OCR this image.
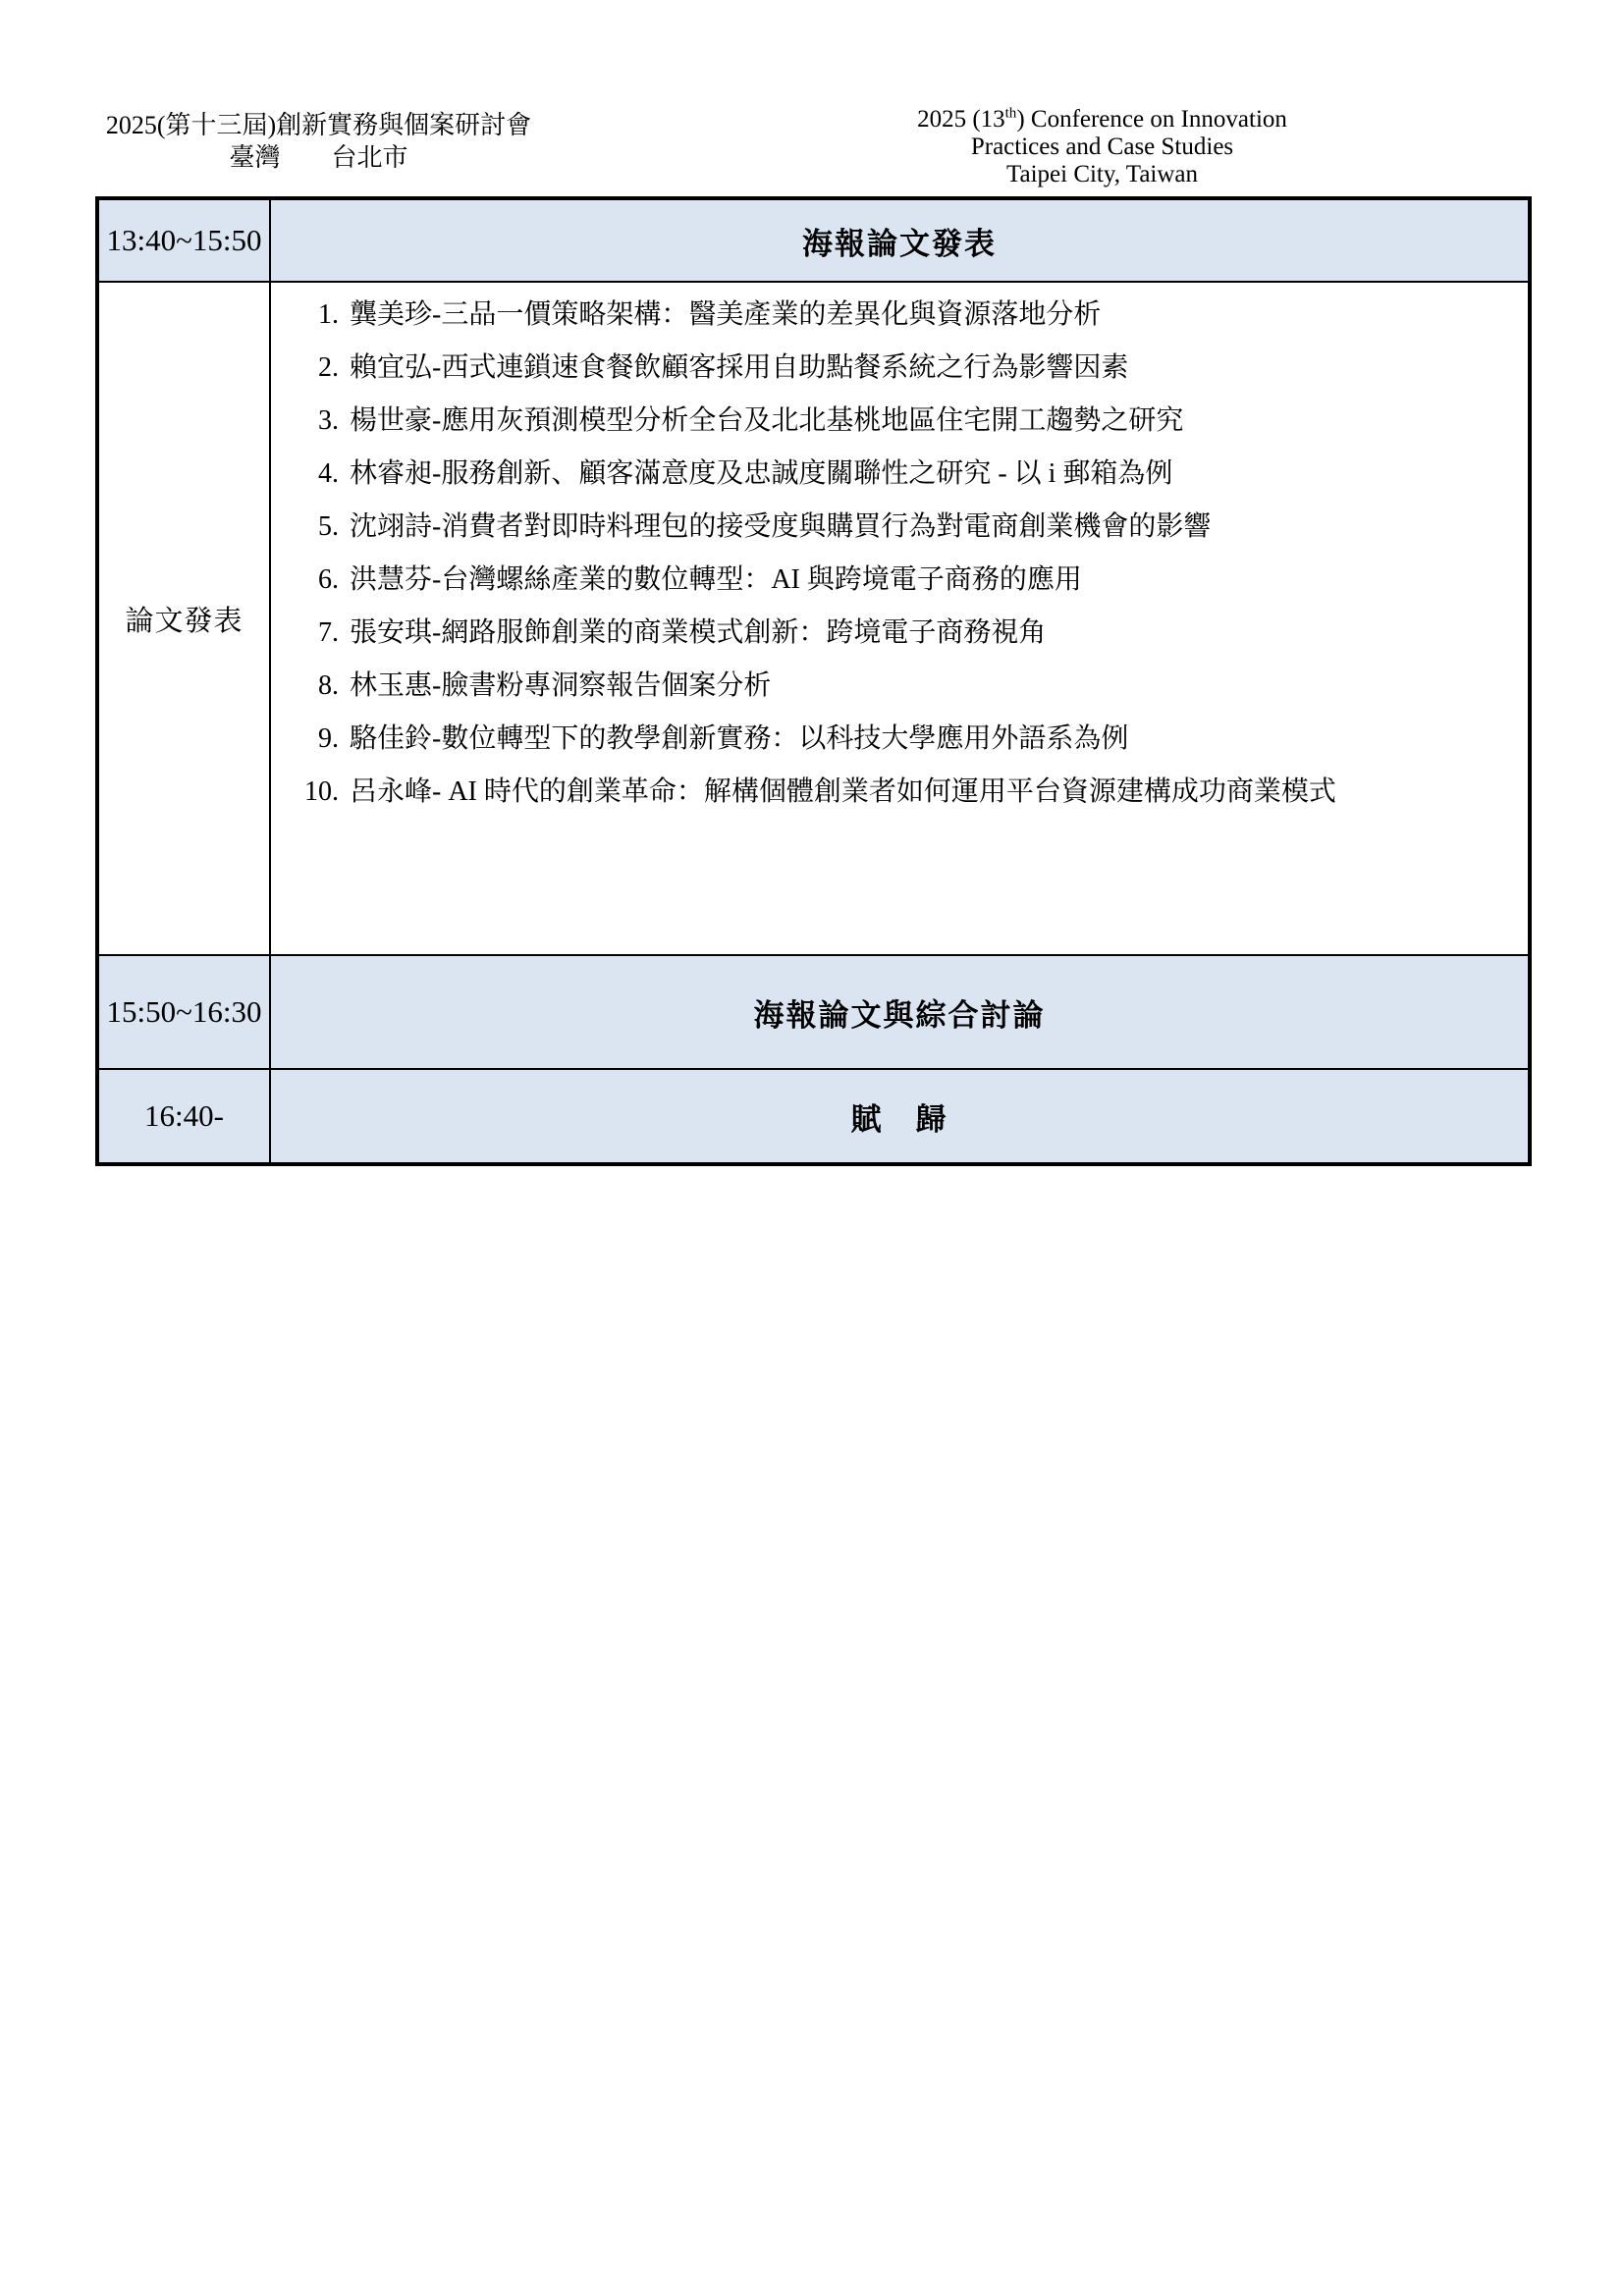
2025(第十三屆)創新實務與個案研討會
臺灣　　台北市
2025 (13th) Conference on Innovation
Practices and Case Studies
Taipei City, Taiwan
13:40~15:50	海報論文發表
論文發表	
1. 龔美珍-三品一價策略架構：醫美產業的差異化與資源落地分析
2. 賴宜弘-西式連鎖速食餐飲顧客採用自助點餐系統之行為影響因素
3. 楊世豪-應用灰預測模型分析全台及北北基桃地區住宅開工趨勢之研究
4. 林睿昶-服務創新、顧客滿意度及忠誠度關聯性之研究 - 以 i 郵箱為例
5. 沈翊詩-消費者對即時料理包的接受度與購買行為對電商創業機會的影響
6. 洪慧芬-台灣螺絲產業的數位轉型：AI 與跨境電子商務的應用
7. 張安琪-網路服飾創業的商業模式創新：跨境電子商務視角
8. 林玉惠-臉書粉專洞察報告個案分析
9. 駱佳鈴-數位轉型下的教學創新實務：以科技大學應用外語系為例
10. 呂永峰- AI 時代的創業革命：解構個體創業者如何運用平台資源建構成功商業模式

15:50~16:30	海報論文與綜合討論
16:40-	賦　歸
